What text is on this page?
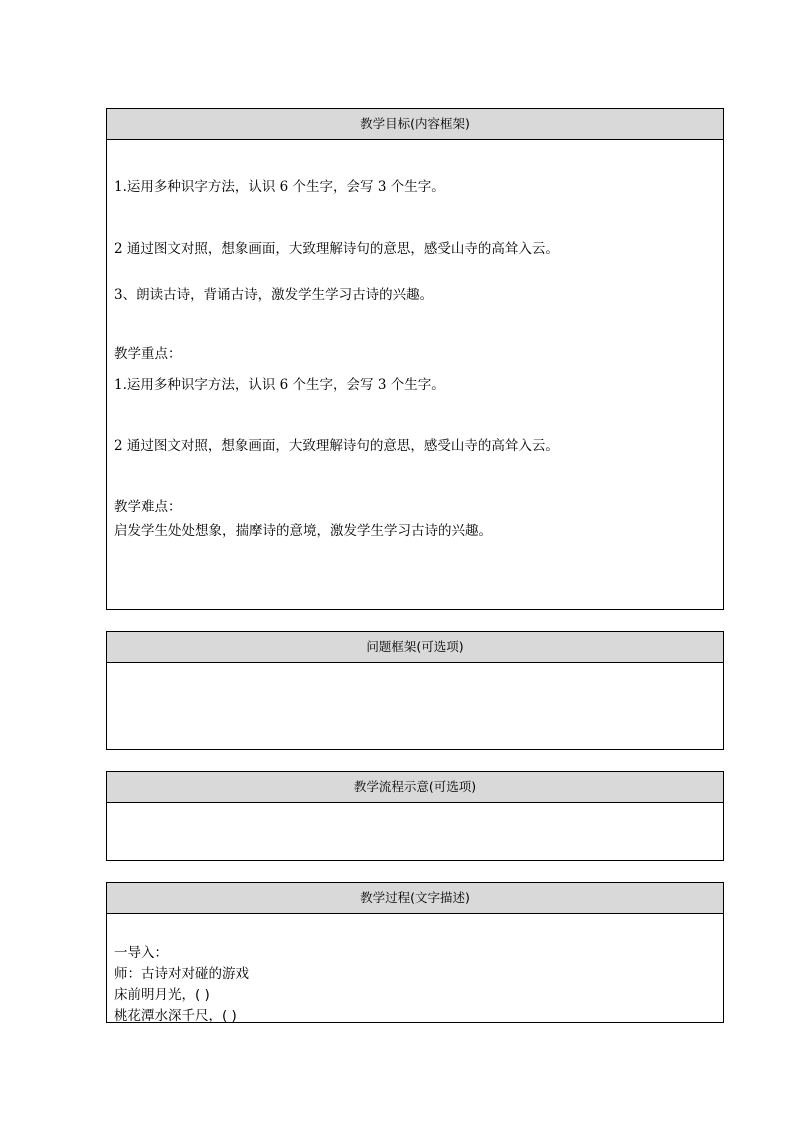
教学目标(内容框架)
1.运用多种识字方法，认识 6 个生字，会写 3 个生字。
2 通过图文对照，想象画面，大致理解诗句的意思，感受山寺的高耸入云。
3、朗读古诗，背诵古诗，激发学生学习古诗的兴趣。
教学重点：
1.运用多种识字方法，认识 6 个生字，会写 3 个生字。
2 通过图文对照，想象画面，大致理解诗句的意思，感受山寺的高耸入云。
教学难点：
启发学生处处想象，揣摩诗的意境，激发学生学习古诗的兴趣。
问题框架(可选项)
教学流程示意(可选项)
教学过程(文字描述)
一导入：
师：古诗对对碰的游戏
床前明月光，( )
桃花潭水深千尺，( )
